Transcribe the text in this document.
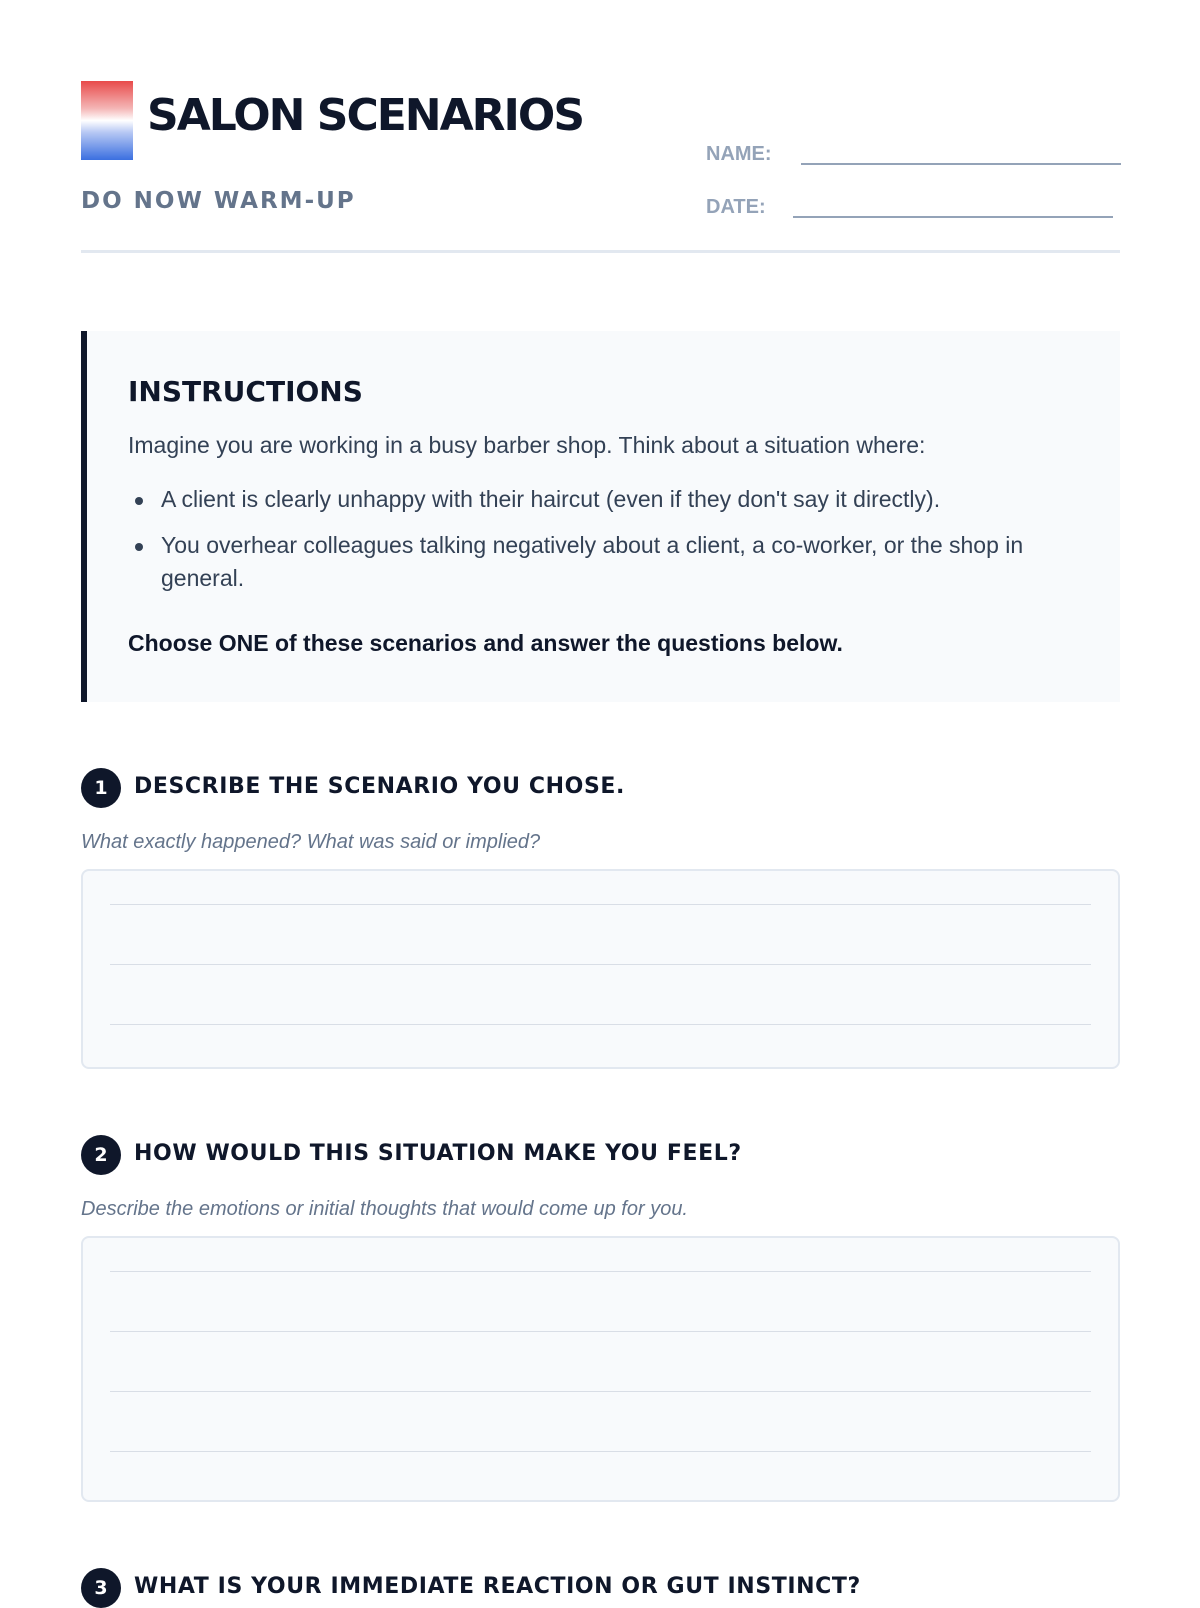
SALON SCENARIOS
DO NOW WARM-UP
NAME:
DATE:
INSTRUCTIONS
Imagine you are working in a busy barber shop. Think about a situation where:
A client is clearly unhappy with their haircut (even if they don't say it directly).
You overhear colleagues talking negatively about a client, a co-worker, or the shop in general.
Choose ONE of these scenarios and answer the questions below.
1	DESCRIBE THE SCENARIO YOU CHOSE.
What exactly happened? What was said or implied?
2	HOW WOULD THIS SITUATION MAKE YOU FEEL?
Describe the emotions or initial thoughts that would come up for you.
3	WHAT IS YOUR IMMEDIATE REACTION OR GUT INSTINCT?
